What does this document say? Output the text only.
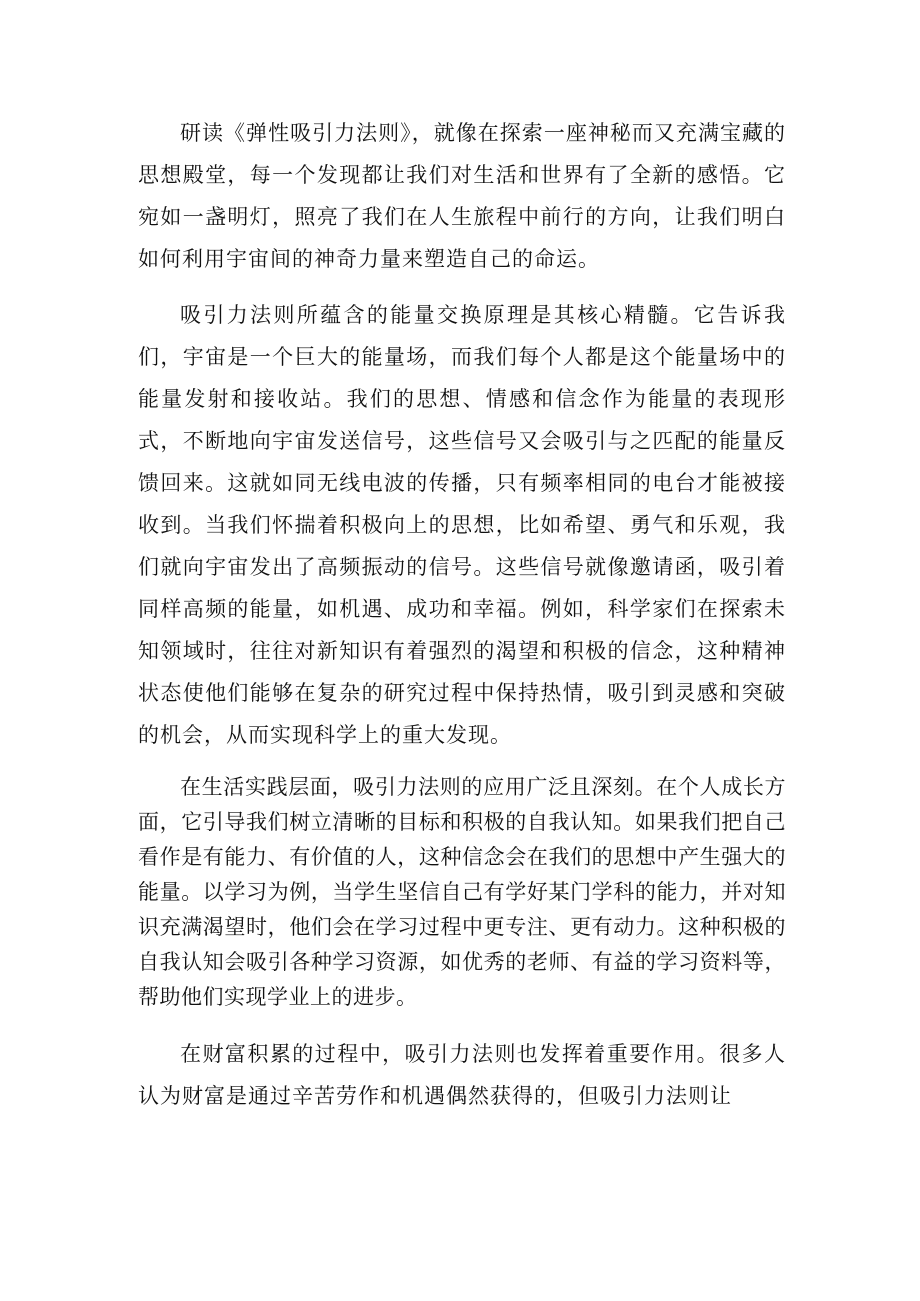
研读《弹性吸引力法则》，就像在探索一座神秘而又充满宝藏的思想殿堂，每一个发现都让我们对生活和世界有了全新的感悟。它宛如一盏明灯，照亮了我们在人生旅程中前行的方向，让我们明白如何利用宇宙间的神奇力量来塑造自己的命运。

吸引力法则所蕴含的能量交换原理是其核心精髓。它告诉我们，宇宙是一个巨大的能量场，而我们每个人都是这个能量场中的能量发射和接收站。我们的思想、情感和信念作为能量的表现形式，不断地向宇宙发送信号，这些信号又会吸引与之匹配的能量反馈回来。这就如同无线电波的传播，只有频率相同的电台才能被接收到。当我们怀揣着积极向上的思想，比如希望、勇气和乐观，我们就向宇宙发出了高频振动的信号。这些信号就像邀请函，吸引着同样高频的能量，如机遇、成功和幸福。例如，科学家们在探索未知领域时，往往对新知识有着强烈的渴望和积极的信念，这种精神状态使他们能够在复杂的研究过程中保持热情，吸引到灵感和突破的机会，从而实现科学上的重大发现。

在生活实践层面，吸引力法则的应用广泛且深刻。在个人成长方面，它引导我们树立清晰的目标和积极的自我认知。如果我们把自己看作是有能力、有价值的人，这种信念会在我们的思想中产生强大的能量。以学习为例，当学生坚信自己有学好某门学科的能力，并对知识充满渴望时，他们会在学习过程中更专注、更有动力。这种积极的自我认知会吸引各种学习资源，如优秀的老师、有益的学习资料等，帮助他们实现学业上的进步。

在财富积累的过程中，吸引力法则也发挥着重要作用。很多人认为财富是通过辛苦劳作和机遇偶然获得的，但吸引力法则让
